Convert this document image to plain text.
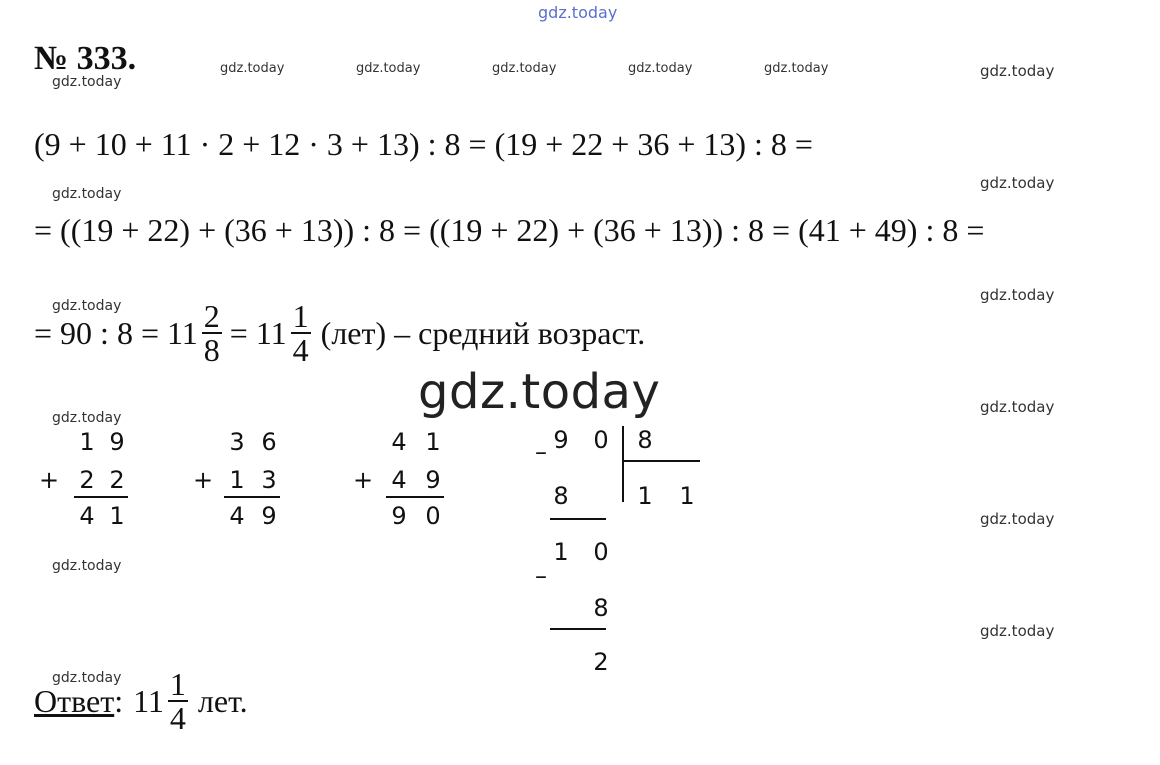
gdz.today
gdz.today
gdz.today	gdz.today	gdz.today	gdz.today	gdz.today	gdz.today
gdz.today
gdz.today
gdz.today
gdz.today
gdz.today
gdz.today
gdz.today
gdz.today
gdz.today
gdz.today
gdz.today
№ 333.
(9 + 10 + 11 · 2 + 12 · 3 + 13) : 8 = (19 + 22 + 36 + 13) : 8 =
= ((19 + 22) + (36 + 13)) : 8 = ((19 + 22) + (36 + 13)) : 8 = (41 + 49) : 8 =
= 90 : $8 = 11 \frac{2}{8} = 11 \frac{1}{4} (лет)$ – средний возраст.
1 9
+ 2 2
4 1
3 6
+ 1 3
4 9
4 1
+ 4 9
9 0
– 9 0 8
1 1
8
1 0
–
8
2
Ответ : $11 \frac{1}{4}$ лет.
